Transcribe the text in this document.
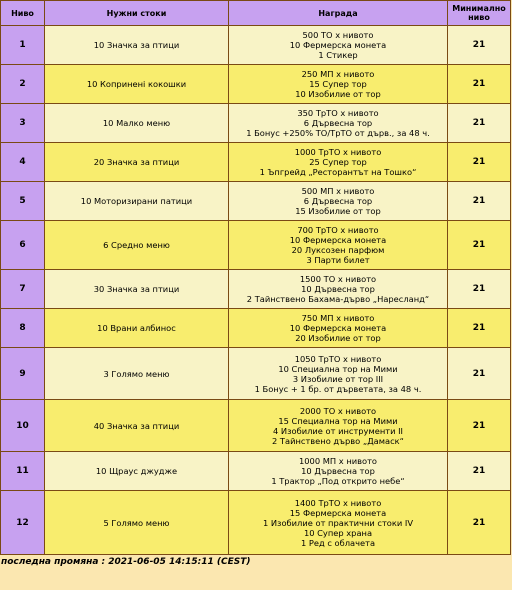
Ниво	Нужни стоки	Награда	Минимално
ниво

1	10 Значка за птици	500 ТО х нивото
10 Фермерска монета
1 Стикер	21
2	10 Коприненi кокошки	250 МП х нивото
15 Супер тор
10 Изобилие от тор	21
3	10 Малко меню	350 ТрТО х нивото
6 Дървесна тор
1 Бонус +250% ТО/ТрТО от дърв., за 48 ч.	21
4	20 Значка за птици	1000 ТрТО х нивото
25 Супер тор
1 Ъпгрейд „Ресторантът на Тошко“	21
5	10 Моторизирани патици	500 МП х нивото
6 Дървесна тор
15 Изобилие от тор	21
6	6 Средно меню	700 ТрТО х нивото
10 Фермерска монета
20 Луксозен парфюм
3 Парти билет	21
7	30 Значка за птици	1500 ТО х нивото
10 Дървесна тор
2 Тайнствено Бахама-дърво „Наресланд“	21
8	10 Врани албинос	750 МП х нивото
10 Фермерска монета
20 Изобилие от тор	21
9	3 Голямо меню	1050 ТрТО х нивото
10 Специална тор на Мими
3 Изобилие от тор III
1 Бонус + 1 бр. от дърветата, за 48 ч.	21
10	40 Значка за птици	2000 ТО х нивото
15 Специална тор на Мими
4 Изобилие от инструменти II
2 Тайнствено дърво „Дамаск“	21
11	10 Щраус джудже	1000 МП х нивото
10 Дървесна тор
1 Трактор „Под открито небе“	21
12	5 Голямо меню	1400 ТрТО х нивото
15 Фермерска монета
1 Изобилие от практични стоки IV
10 Супер храна
1 Ред с облачета	21
последна промяна : 2021-06-05 14:15:11 (CEST)
